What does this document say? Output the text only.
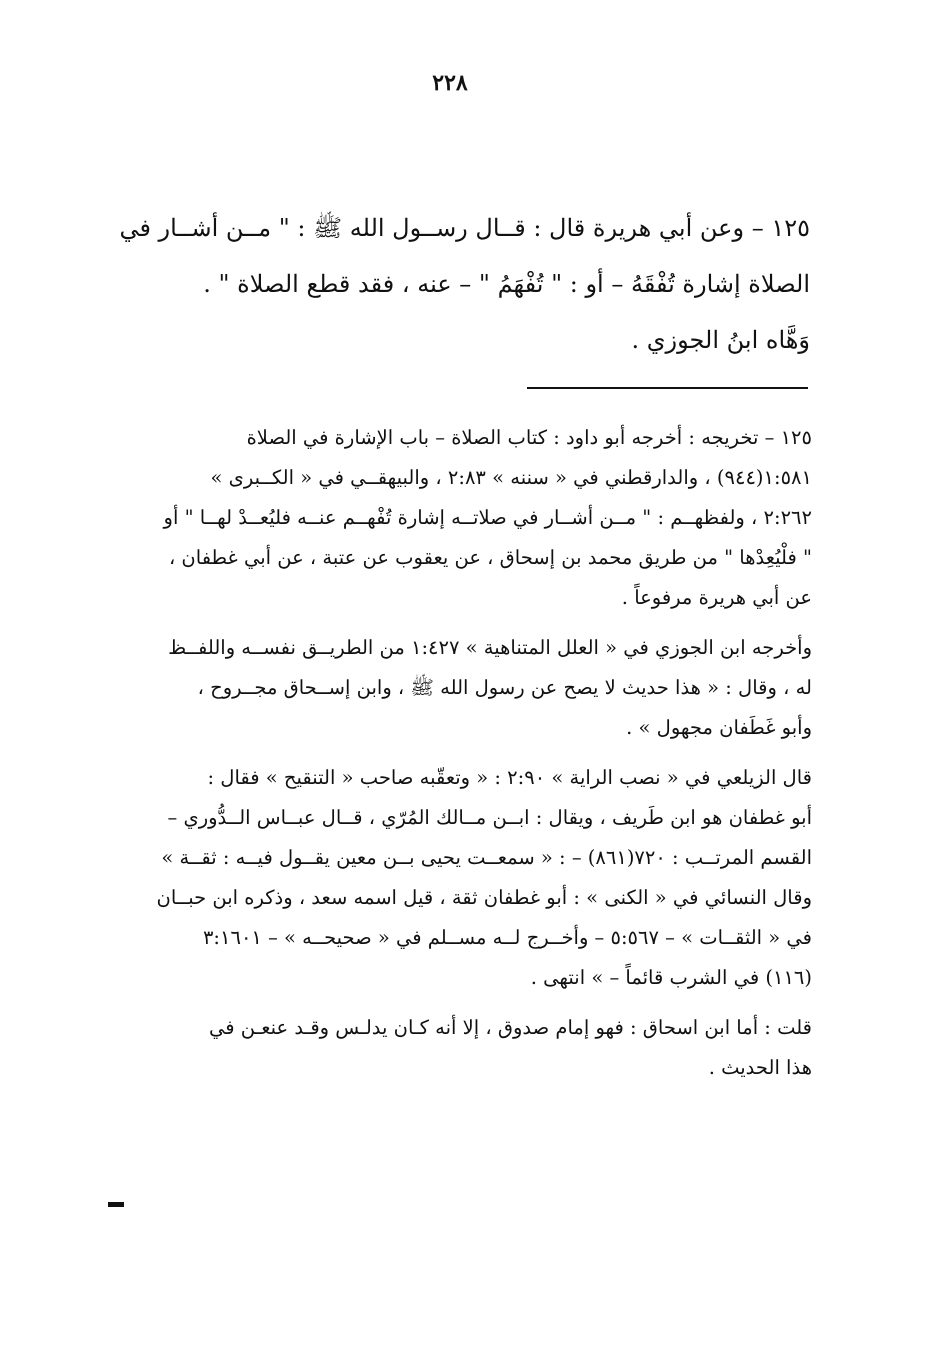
٢٢٨
١٢٥ – وعن أبي هريرة قال : قــال رســول الله ﷺ : " مــن أشــار في
الصلاة إشارة تُفْقَهُ – أو : " تُفْهَمُ " – عنه ، فقد قطع الصلاة " .
وَهَّاه ابنُ الجوزي .
١٢٥ – تخريجه : أخرجه أبو داود : كتاب الصلاة – باب الإشارة في الصلاة
١:٥٨١(٩٤٤) ، والدارقطني في « سننه » ٢:٨٣ ، والبيهقــي في « الكــبرى »
٢:٢٦٢ ، ولفظهــم : " مــن أشــار في صلاتــه إشارة تُفْهــم عنــه فليُعــدْ لهــا " أو
" فلْيُعِدْها " من طريق محمد بن إسحاق ، عن يعقوب عن عتبة ، عن أبي غطفان ،
عن أبي هريرة مرفوعاً .
وأخرجه ابن الجوزي في « العلل المتناهية » ١:٤٢٧ من الطريــق نفســه واللفــظ
له ، وقال : « هذا حديث لا يصح عن رسول الله ﷺ ، وابن إســحاق مجــروح ،
وأبو غَطَفان مجهول » .
قال الزيلعي في « نصب الراية » ٢:٩٠ : « وتعقّبه صاحب « التنقيح » فقال :
أبو غطفان هو ابن طَريف ، ويقال : ابــن مــالك المُرّي ، قــال عبــاس الــدُّوري –
القسم المرتــب : ٧٢٠(٨٦١) – : « سمعــت يحيى بــن معين يقــول فيــه : ثقــة »
وقال النسائي في « الكنى » : أبو غطفان ثقة ، قيل اسمه سعد ، وذكره ابن حبــان
في « الثقــات » – ٥:٥٦٧ – وأخــرج لــه مســلم في « صحيحــه » – ٣:١٦٠١
(١١٦) في الشرب قائماً – » انتهى .
قلت : أما ابن اسحاق : فهو إمام صدوق ، إلا أنه كـان يدلـس وقـد عنعـن في
هذا الحديث .
